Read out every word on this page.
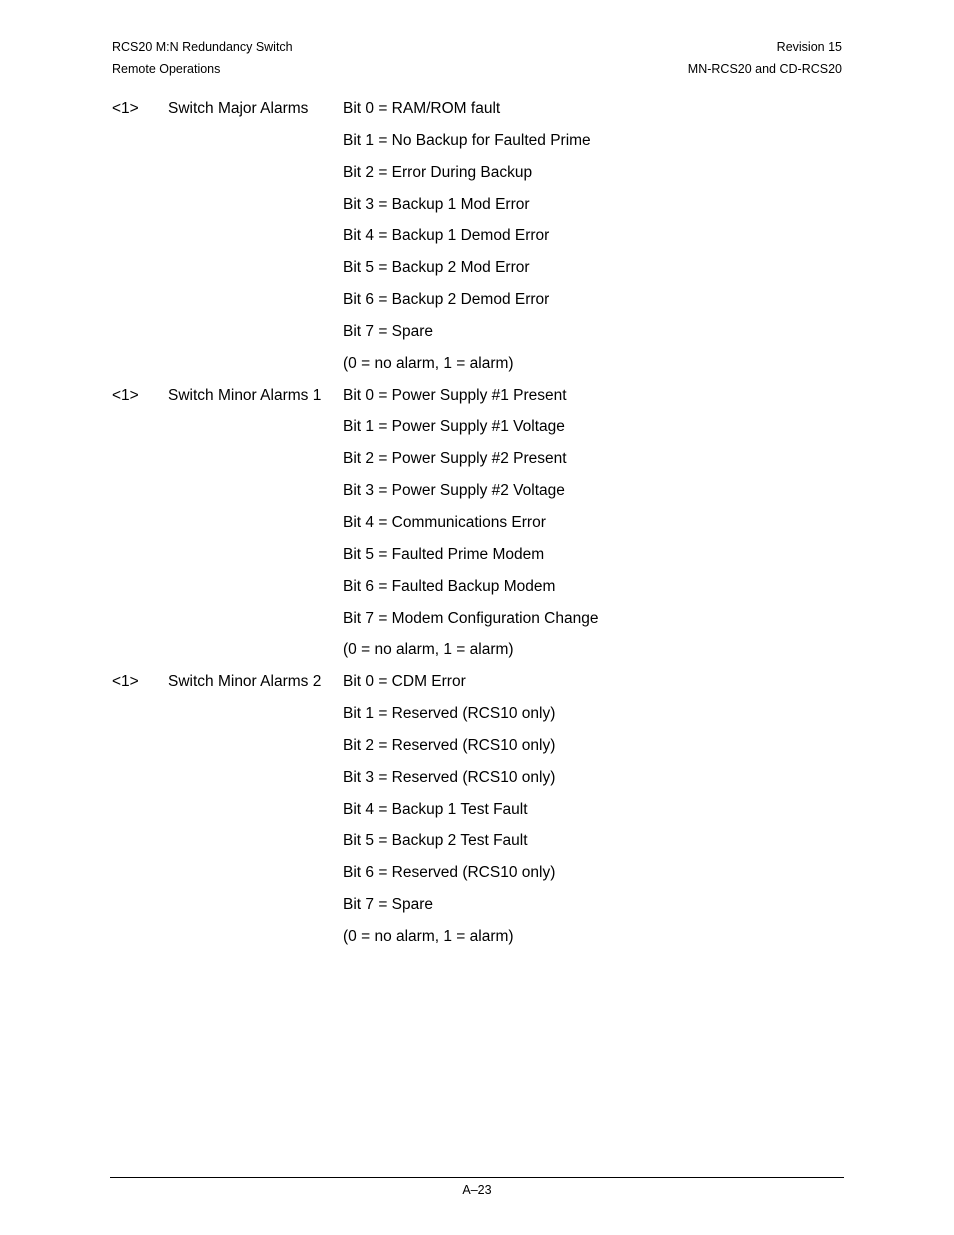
RCS20 M:N Redundancy Switch	Revision 15
Remote Operations	MN-RCS20 and CD-RCS20
<1>	Switch Major Alarms	Bit 0 = RAM/ROM fault
Bit 1 = No Backup for Faulted Prime
Bit 2 = Error During Backup
Bit 3 = Backup 1 Mod Error
Bit 4 = Backup 1 Demod Error
Bit 5 = Backup 2 Mod Error
Bit 6 = Backup 2 Demod Error
Bit 7 = Spare
(0 = no alarm, 1 = alarm)
<1>	Switch Minor Alarms 1	Bit 0 = Power Supply #1 Present
Bit 1 = Power Supply #1 Voltage
Bit 2 = Power Supply #2 Present
Bit 3 = Power Supply #2 Voltage
Bit 4 = Communications Error
Bit 5 = Faulted Prime Modem
Bit 6 = Faulted Backup Modem
Bit 7 = Modem Configuration Change
(0 = no alarm, 1 = alarm)
<1>	Switch Minor Alarms 2	Bit 0 = CDM Error
Bit 1 = Reserved (RCS10 only)
Bit 2 = Reserved (RCS10 only)
Bit 3 = Reserved (RCS10 only)
Bit 4 = Backup 1 Test Fault
Bit 5 = Backup 2 Test Fault
Bit 6 = Reserved (RCS10 only)
Bit 7 = Spare
(0 = no alarm, 1 = alarm)
A–23
